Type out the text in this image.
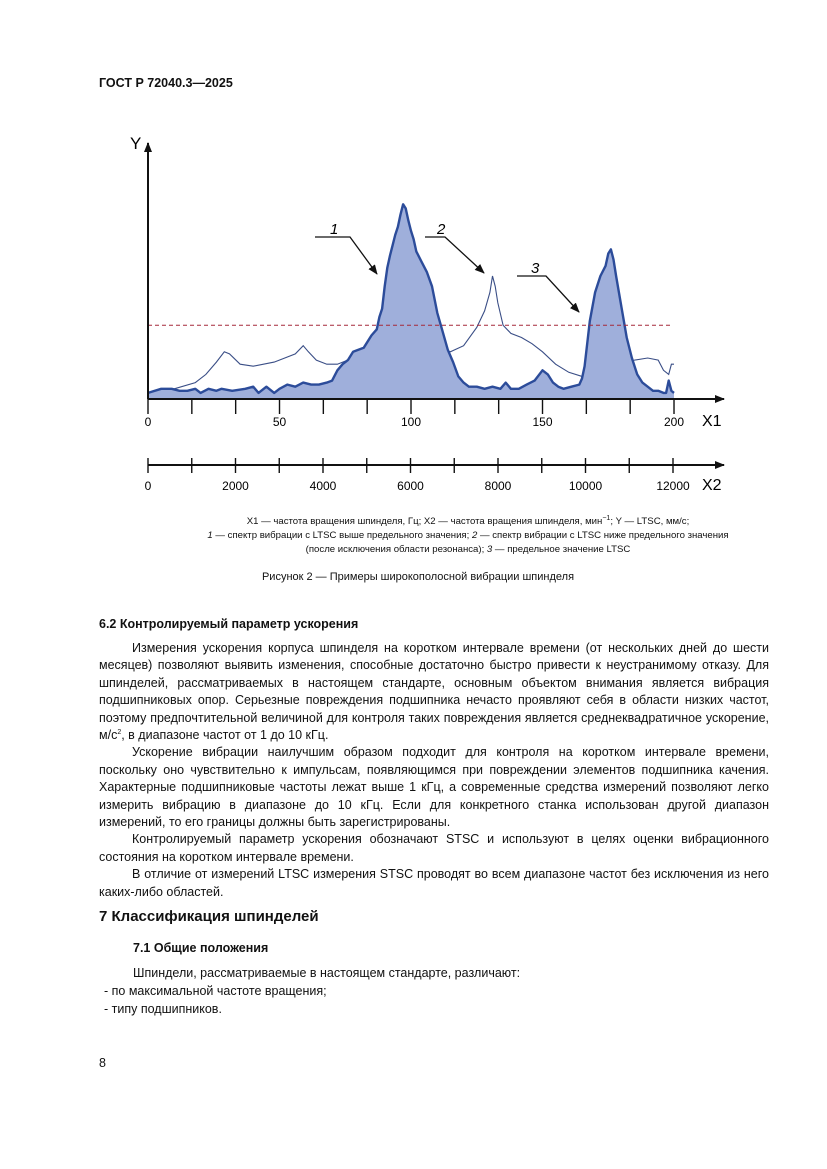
ГОСТ Р 72040.3—2025
Y
0	50	100	150	200 X1
0	2000	4000	6000	8000	10000	12000 X2
1	2
3
X1 — частота вращения шпинделя, Гц; X2 — частота вращения шпинделя, мин$^{-1}$; Y — LTSC, мм/с;
1 — спектр вибрации с LTSC выше предельного значения; 2 — спектр вибрации с LTSC ниже предельного значения
(после исключения области резонанса); 3 — предельное значение LTSC
Рисунок 2 — Примеры широкополосной вибрации шпинделя
6.2 Контролируемый параметр ускорения

Измерения ускорения корпуса шпинделя на коротком интервале времени (от нескольких дней до шести месяцев) позволяют выявить изменения, способные достаточно быстро привести к неустранимому отказу. Для шпинделей, рассматриваемых в настоящем стандарте, основным объектом внимания является вибрация подшипниковых опор. Серьезные повреждения подшипника нечасто проявляют себя в области низких частот, поэтому предпочтительной величиной для контроля таких повреждения является среднеквадратичное ускорение, $м/с^2$, в диапазоне частот от 1 до 10 кГц.

Ускорение вибрации наилучшим образом подходит для контроля на коротком интервале времени, поскольку оно чувствительно к импульсам, появляющимся при повреждении элементов подшипника качения. Характерные подшипниковые частоты лежат выше 1 кГц, а современные средства измерений позволяют легко измерить вибрацию в диапазоне до 10 кГц. Если для конкретного станка использован другой диапазон измерений, то его границы должны быть зарегистрированы.

Контролируемый параметр ускорения обозначают STSC и используют в целях оценки вибрационного состояния на коротком интервале времени.

В отличие от измерений LTSC измерения STSC проводят во всем диапазоне частот без исключения из него каких-либо областей.

7 Классификация шпинделей
7.1 Общие положения
Шпиндели, рассматриваемые в настоящем стандарте, различают:
- по максимальной частоте вращения;
- типу подшипников.
8
